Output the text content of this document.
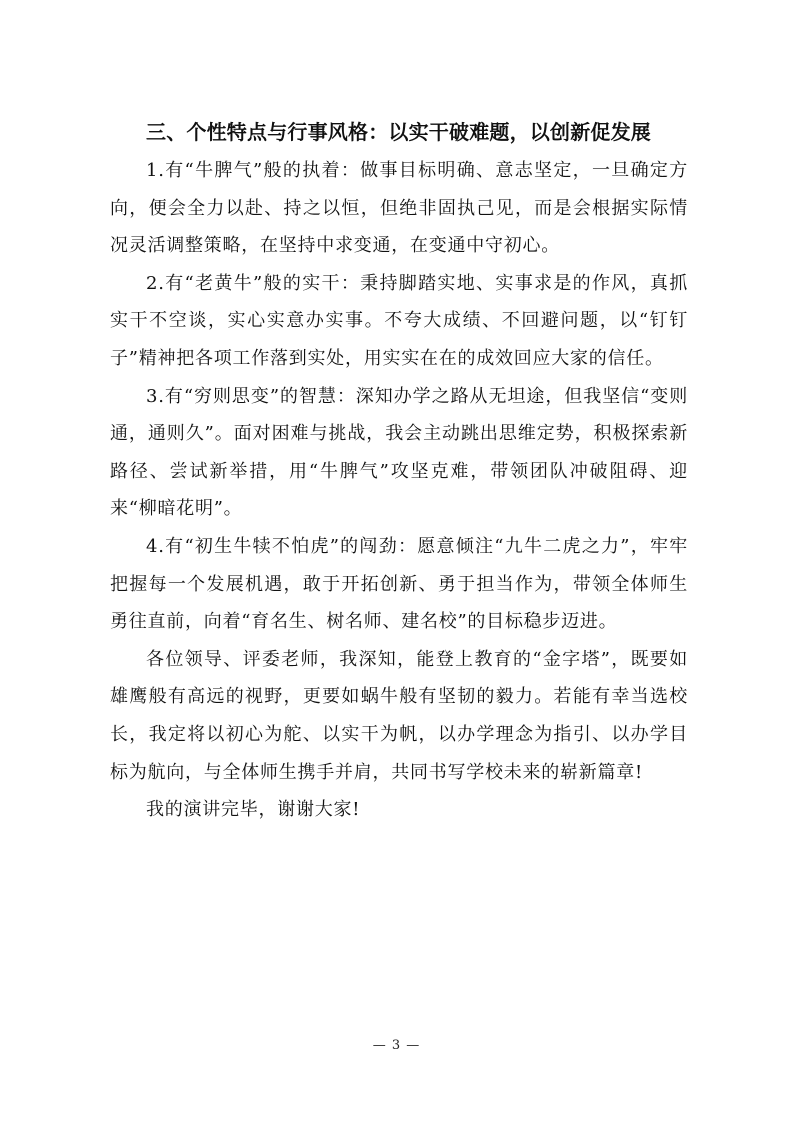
三、个性特点与行事风格：以实干破难题，以创新促发展

1.有“牛脾气”般的执着：做事目标明确、意志坚定，一旦确定方向，便会全力以赴、持之以恒，但绝非固执己见，而是会根据实际情况灵活调整策略，在坚持中求变通，在变通中守初心。

2.有“老黄牛”般的实干：秉持脚踏实地、实事求是的作风，真抓实干不空谈，实心实意办实事。不夸大成绩、不回避问题，以“钉钉子”精神把各项工作落到实处，用实实在在的成效回应大家的信任。

3.有“穷则思变”的智慧：深知办学之路从无坦途，但我坚信“变则通，通则久”。面对困难与挑战，我会主动跳出思维定势，积极探索新路径、尝试新举措，用“牛脾气”攻坚克难，带领团队冲破阻碍、迎来“柳暗花明”。

4.有“初生牛犊不怕虎”的闯劲：愿意倾注“九牛二虎之力”，牢牢把握每一个发展机遇，敢于开拓创新、勇于担当作为，带领全体师生勇往直前，向着“育名生、树名师、建名校”的目标稳步迈进。

各位领导、评委老师，我深知，能登上教育的“金字塔”，既要如雄鹰般有高远的视野，更要如蜗牛般有坚韧的毅力。若能有幸当选校长，我定将以初心为舵、以实干为帆，以办学理念为指引、以办学目标为航向，与全体师生携手并肩，共同书写学校未来的崭新篇章!

我的演讲完毕，谢谢大家!

— 3 —
